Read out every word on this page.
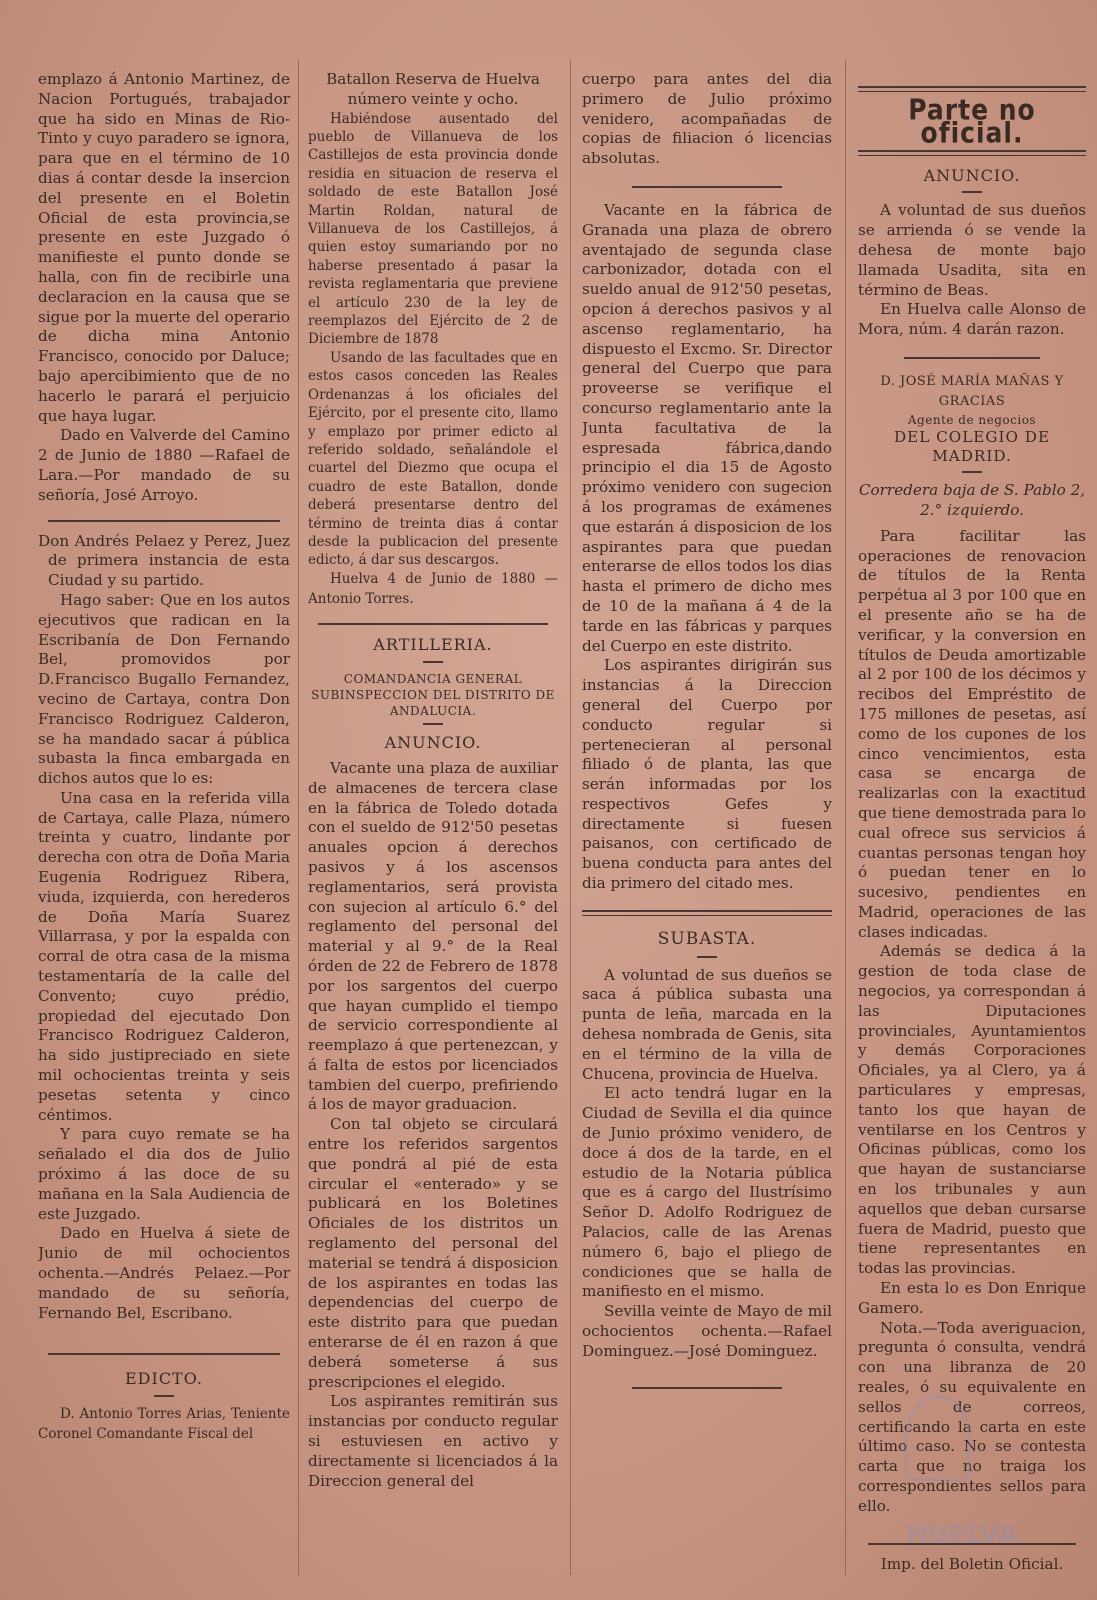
emplazo á Antonio Martinez, de Nacion Portugués, trabajador que ha sido en Minas de Rio-Tinto y cuyo paradero se ignora, para que en el término de 10 dias á contar desde la insercion del presente en el Boletin Oficial de esta provincia,se presente en este Juzgado ó manifieste el punto donde se halla, con fin de recibirle una declaracion en la causa que se sigue por la muerte del operario de dicha mina Antonio Francisco, conocido por Daluce; bajo apercibimiento que de no hacerlo le parará el perjuicio que haya lugar.

Dado en Valverde del Camino 2 de Junio de 1880 —Rafael de Lara.—Por mandado de su señoría, José Arroyo.

Don Andrés Pelaez y Perez, Juez de primera instancia de esta Ciudad y su partido.

Hago saber: Que en los autos ejecutivos que radican en la Escribanía de Don Fernando Bel, promovidos por D.Francisco Bugallo Fernandez, vecino de Cartaya, contra Don Francisco Rodriguez Calderon, se ha mandado sacar á pública subasta la finca embargada en dichos autos que lo es:

Una casa en la referida villa de Cartaya, calle Plaza, número treinta y cuatro, lindante por derecha con otra de Doña Maria Eugenia Rodriguez Ribera, viuda, izquierda, con herederos de Doña María Suarez Villarrasa, y por la espalda con corral de otra casa de la misma testamentaría de la calle del Convento; cuyo prédio, propiedad del ejecutado Don Francisco Rodriguez Calderon, ha sido justipreciado en siete mil ochocientas treinta y seis pesetas setenta y cinco céntimos.

Y para cuyo remate se ha señalado el dia dos de Julio próximo á las doce de su mañana en la Sala Audiencia de este Juzgado.

Dado en Huelva á siete de Junio de mil ochocientos ochenta.—Andrés Pelaez.—Por mandado de su señoría, Fernando Bel, Escribano.

EDICTO.

D. Antonio Torres Arias, Teniente Coronel Comandante Fiscal del

Batallon Reserva de Huelva número veinte y ocho.

Habiéndose ausentado del pueblo de Villanueva de los Castillejos de esta provincia donde residia en situacion de reserva el soldado de este Batallon José Martin Roldan, natural de Villanueva de los Castillejos, á quien estoy sumariando por no haberse presentado á pasar la revista reglamentaria que previene el artículo 230 de la ley de reemplazos del Ejército de 2 de Diciembre de 1878

Usando de las facultades que en estos casos conceden las Reales Ordenanzas á los oficiales del Ejército, por el presente cito, llamo y emplazo por primer edicto al referido soldado, señalándole el cuartel del Diezmo que ocupa el cuadro de este Batallon, donde deberá presentarse dentro del término de treinta dias á contar desde la publicacion del presente edicto, á dar sus descargos.

Huelva 4 de Junio de 1880 — Antonio Torres.

ARTILLERIA.

COMANDANCIA GENERAL SUBINSPECCION DEL DISTRITO DE ANDALUCIA.

ANUNCIO.

Vacante una plaza de auxiliar de almacenes de tercera clase en la fábrica de Toledo dotada con el sueldo de 912'50 pesetas anuales opcion á derechos pasivos y á los ascensos reglamentarios, será provista con sujecion al artículo 6.° del reglamento del personal del material y al 9.° de la Real órden de 22 de Febrero de 1878 por los sargentos del cuerpo que hayan cumplido el tiempo de servicio correspondiente al reemplazo á que pertenezcan, y á falta de estos por licenciados tambien del cuerpo, prefiriendo á los de mayor graduacion.

Con tal objeto se circulará entre los referidos sargentos que pondrá al pié de esta circular el «enterado» y se publicará en los Boletines Oficiales de los distritos un reglamento del personal del material se tendrá á disposicion de los aspirantes en todas las dependencias del cuerpo de este distrito para que puedan enterarse de él en razon á que deberá someterse á sus prescripciones el elegido.

Los aspirantes remitirán sus instancias por conducto regular si estuviesen en activo y directamente si licenciados á la Direccion general del

cuerpo para antes del dia primero de Julio próximo venidero, acompañadas de copias de filiacion ó licencias absolutas.

Vacante en la fábrica de Granada una plaza de obrero aventajado de segunda clase carbonizador, dotada con el sueldo anual de 912'50 pesetas, opcion á derechos pasivos y al ascenso reglamentario, ha dispuesto el Excmo. Sr. Director general del Cuerpo que para proveerse se verifique el concurso reglamentario ante la Junta facultativa de la espresada fábrica,dando principio el dia 15 de Agosto próximo venidero con sugecion á los programas de exámenes que estarán á disposicion de los aspirantes para que puedan enterarse de ellos todos los dias hasta el primero de dicho mes de 10 de la mañana á 4 de la tarde en las fábricas y parques del Cuerpo en este distrito.

Los aspirantes dirigirán sus instancias á la Direccion general del Cuerpo por conducto regular si pertenecieran al personal filiado ó de planta, las que serán informadas por los respectivos Gefes y directamente si fuesen paisanos, con certificado de buena conducta para antes del dia primero del citado mes.

SUBASTA.

A voluntad de sus dueños se saca á pública subasta una punta de leña, marcada en la dehesa nombrada de Genis, sita en el término de la villa de Chucena, provincia de Huelva.

El acto tendrá lugar en la Ciudad de Sevilla el dia quince de Junio próximo venidero, de doce á dos de la tarde, en el estudio de la Notaria pública que es á cargo del Ilustrísimo Señor D. Adolfo Rodriguez de Palacios, calle de las Arenas número 6, bajo el pliego de condiciones que se halla de manifiesto en el mismo.

Sevilla veinte de Mayo de mil ochocientos ochenta.—Rafael Dominguez.—José Dominguez.

Parte no oficial.

ANUNCIO.

A voluntad de sus dueños se arrienda ó se vende la dehesa de monte bajo llamada Usadita, sita en término de Beas.

En Huelva calle Alonso de Mora, núm. 4 darán razon.

D. JOSÉ MARÍA MAÑAS Y GRACIAS

Agente de negocios

DEL COLEGIO DE MADRID.

Corredera baja de S. Pablo 2,

2.° izquierdo.

Para facilitar las operaciones de renovacion de títulos de la Renta perpétua al 3 por 100 que en el presente año se ha de verificar, y la conversion en títulos de Deuda amortizable al 2 por 100 de los décimos y recibos del Empréstito de 175 millones de pesetas, así como de los cupones de los cinco vencimientos, esta casa se encarga de realizarlas con la exactitud que tiene demostrada para lo cual ofrece sus servicios á cuantas personas tengan hoy ó puedan tener en lo sucesivo, pendientes en Madrid, operaciones de las clases indicadas.

Además se dedica á la gestion de toda clase de negocios, ya correspondan á las Diputaciones provinciales, Ayuntamientos y demás Corporaciones Oficiales, ya al Clero, ya á particulares y empresas, tanto los que hayan de ventilarse en los Centros y Oficinas públicas, como los que hayan de sustanciarse en los tribunales y aun aquellos que deban cursarse fuera de Madrid, puesto que tiene representantes en todas las provincias.

En esta lo es Don Enrique Gamero.

Nota.—Toda averiguacion, pregunta ó consulta, vendrá con una libranza de 20 reales, ó su equivalente en sellos de correos, certificando la carta en este último caso. No se contesta carta que no traiga los correspondientes sellos para ello.

Imp. del Boletin Oficial.

HUELVA
